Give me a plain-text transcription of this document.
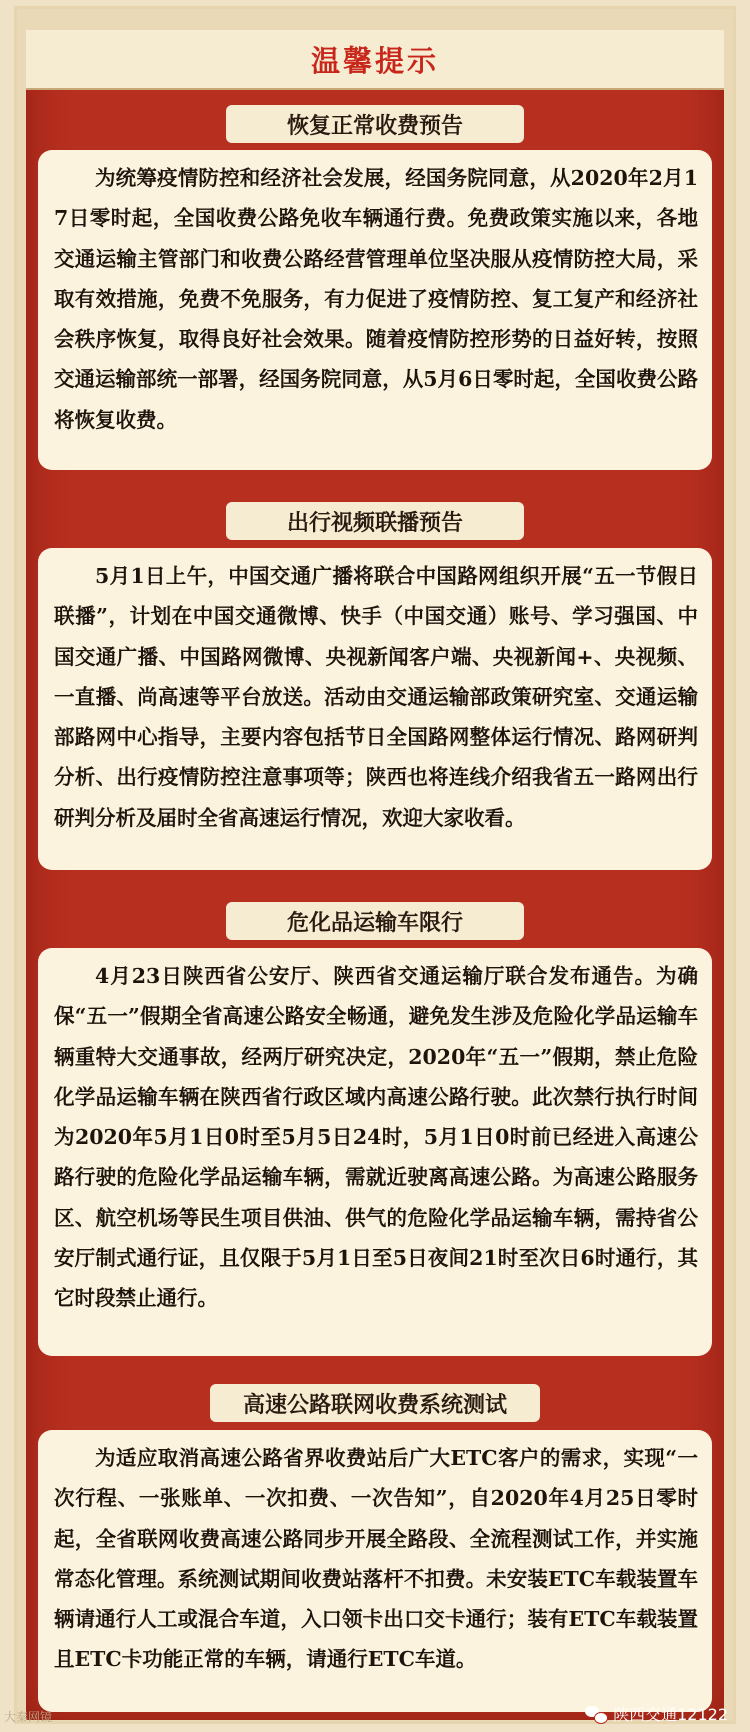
温馨提示
恢复正常收费预告

为统筹疫情防控和经济社会发展，经国务院同意，从2020年2月17日零时起，全国收费公路免收车辆通行费。免费政策实施以来，各地交通运输主管部门和收费公路经营管理单位坚决服从疫情防控大局，采取有效措施，免费不免服务，有力促进了疫情防控、复工复产和经济社会秩序恢复，取得良好社会效果。随着疫情防控形势的日益好转，按照交通运输部统一部署，经国务院同意，从5月6日零时起，全国收费公路将恢复收费。

出行视频联播预告

5月1日上午，中国交通广播将联合中国路网组织开展“五一节假日联播”，计划在中国交通微博、快手（中国交通）账号、学习强国、中国交通广播、中国路网微博、央视新闻客户端、央视新闻+、央视频、一直播、尚高速等平台放送。活动由交通运输部政策研究室、交通运输部路网中心指导，主要内容包括节日全国路网整体运行情况、路网研判分析、出行疫情防控注意事项等；陕西也将连线介绍我省五一路网出行研判分析及届时全省高速运行情况，欢迎大家收看。

危化品运输车限行

4月23日陕西省公安厅、陕西省交通运输厅联合发布通告。为确保“五一”假期全省高速公路安全畅通，避免发生涉及危险化学品运输车辆重特大交通事故，经两厅研究决定，2020年“五一”假期，禁止危险化学品运输车辆在陕西省行政区域内高速公路行驶。此次禁行执行时间为2020年5月1日0时至5月5日24时，5月1日0时前已经进入高速公路行驶的危险化学品运输车辆，需就近驶离高速公路。为高速公路服务区、航空机场等民生项目供油、供气的危险化学品运输车辆，需持省公安厅制式通行证，且仅限于5月1日至5日夜间21时至次日6时通行，其它时段禁止通行。

高速公路联网收费系统测试

为适应取消高速公路省界收费站后广大ETC客户的需求，实现“一次行程、一张账单、一次扣费、一次告知”，自2020年4月25日零时起，全省联网收费高速公路同步开展全路段、全流程测试工作，并实施常态化管理。系统测试期间收费站落杆不扣费。未安装ETC车载装置车辆请通行人工或混合车道，入口领卡出口交卡通行；装有ETC车载装置且ETC卡功能正常的车辆，请通行ETC车道。

大秦网镜	陕西交通12122
